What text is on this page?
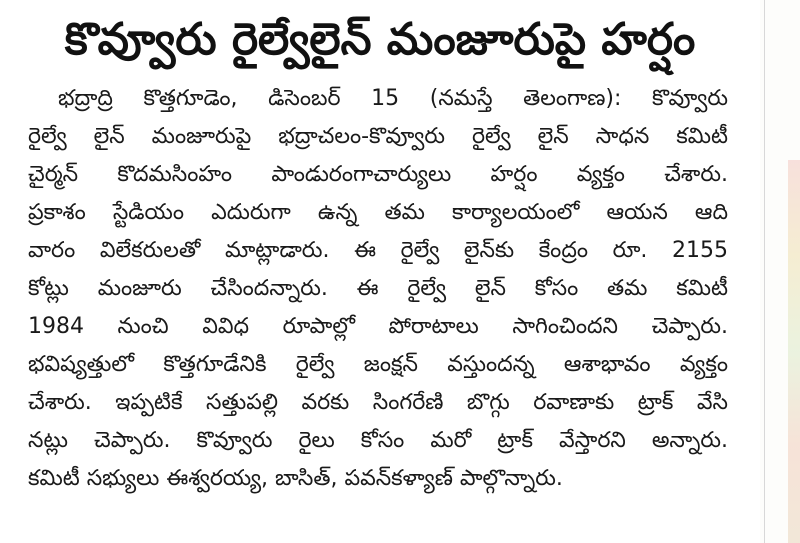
కొవ్వూరు రైల్వేలైన్ మంజూరుపై హర్షం
భద్రాద్రి కొత్తగూడెం, డిసెంబర్ 15 (నమస్తే తెలంగాణ): కొవ్వూరు
రైల్వే లైన్ మంజూరుపై భద్రాచలం-కొవ్వూరు రైల్వే లైన్ సాధన కమిటీ
చైర్మన్ కొదమసింహం పాండురంగాచార్యులు హర్షం వ్యక్తం చేశారు.
ప్రకాశం స్టేడియం ఎదురుగా ఉన్న తమ కార్యాలయంలో ఆయన ఆది
వారం విలేకరులతో మాట్లాడారు. ఈ రైల్వే లైన్‌కు కేంద్రం రూ. 2155
కోట్లు మంజూరు చేసిందన్నారు. ఈ రైల్వే లైన్ కోసం తమ కమిటీ
1984 నుంచి వివిధ రూపాల్లో పోరాటాలు సాగించిందని చెప్పారు.
భవిష్యత్తులో కొత్తగూడేనికి రైల్వే జంక్షన్ వస్తుందన్న ఆశాభావం వ్యక్తం
చేశారు. ఇప్పటికే సత్తుపల్లి వరకు సింగరేణి బొగ్గు రవాణాకు ట్రాక్ వేసి
నట్లు చెప్పారు. కొవ్వూరు రైలు కోసం మరో ట్రాక్ వేస్తారని అన్నారు.
కమిటీ సభ్యులు ఈశ్వరయ్య, బాసిత్, పవన్‌కళ్యాణ్ పాల్గొన్నారు.
